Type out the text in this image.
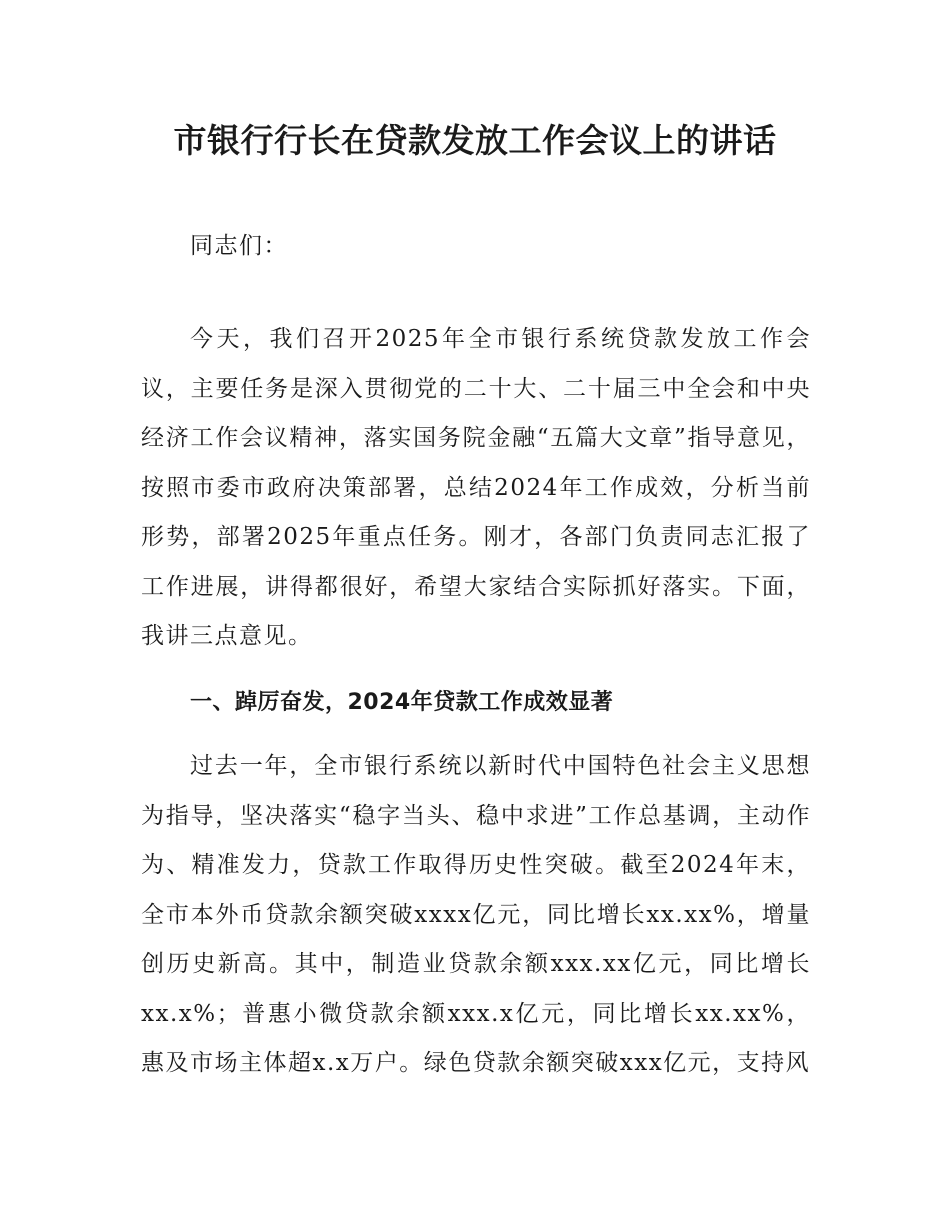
市银行行长在贷款发放工作会议上的讲话
同志们：
今天，我们召开2025年全市银行系统贷款发放工作会议，主要任务是深入贯彻党的二十大、二十届三中全会和中央经济工作会议精神，落实国务院金融“五篇大文章”指导意见，按照市委市政府决策部署，总结2024年工作成效，分析当前形势，部署2025年重点任务。刚才，各部门负责同志汇报了工作进展，讲得都很好，希望大家结合实际抓好落实。下面，我讲三点意见。
一、踔厉奋发，2024年贷款工作成效显著
过去一年，全市银行系统以新时代中国特色社会主义思想为指导，坚决落实“稳字当头、稳中求进”工作总基调，主动作为、精准发力，贷款工作取得历史性突破。截至2024年末，全市本外币贷款余额突破xxxx亿元，同比增长xx.xx%，增量创历史新高。其中，制造业贷款余额xxx.xx亿元，同比增长xx.x%；普惠小微贷款余额xxx.x亿元，同比增长xx.xx%，惠及市场主体超x.x万户。绿色贷款余额突破xxx亿元，支持风
